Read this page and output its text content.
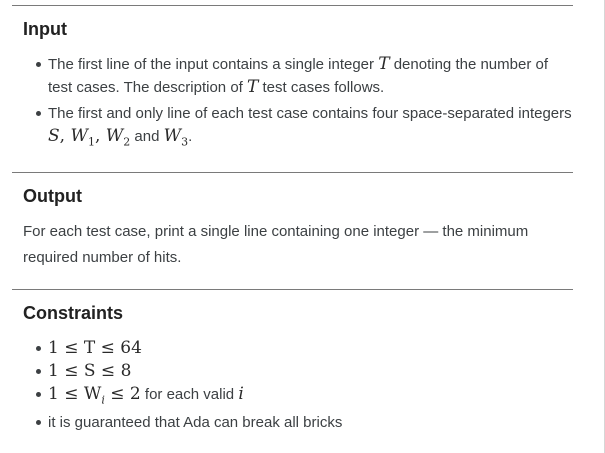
Input
The first line of the input contains a single integer T denoting the number of test cases. The description of T test cases follows.
The first and only line of each test case contains four space-separated integers
S, $W_1$, $W_2$ and $W_3$.
Output

For each test case, print a single line containing one integer — the minimum required number of hits.

Constraints
1 ≤ T ≤ 64
1 ≤ S ≤ 8
$1 \le W_i \le 2$ for each valid i
it is guaranteed that Ada can break all bricks
